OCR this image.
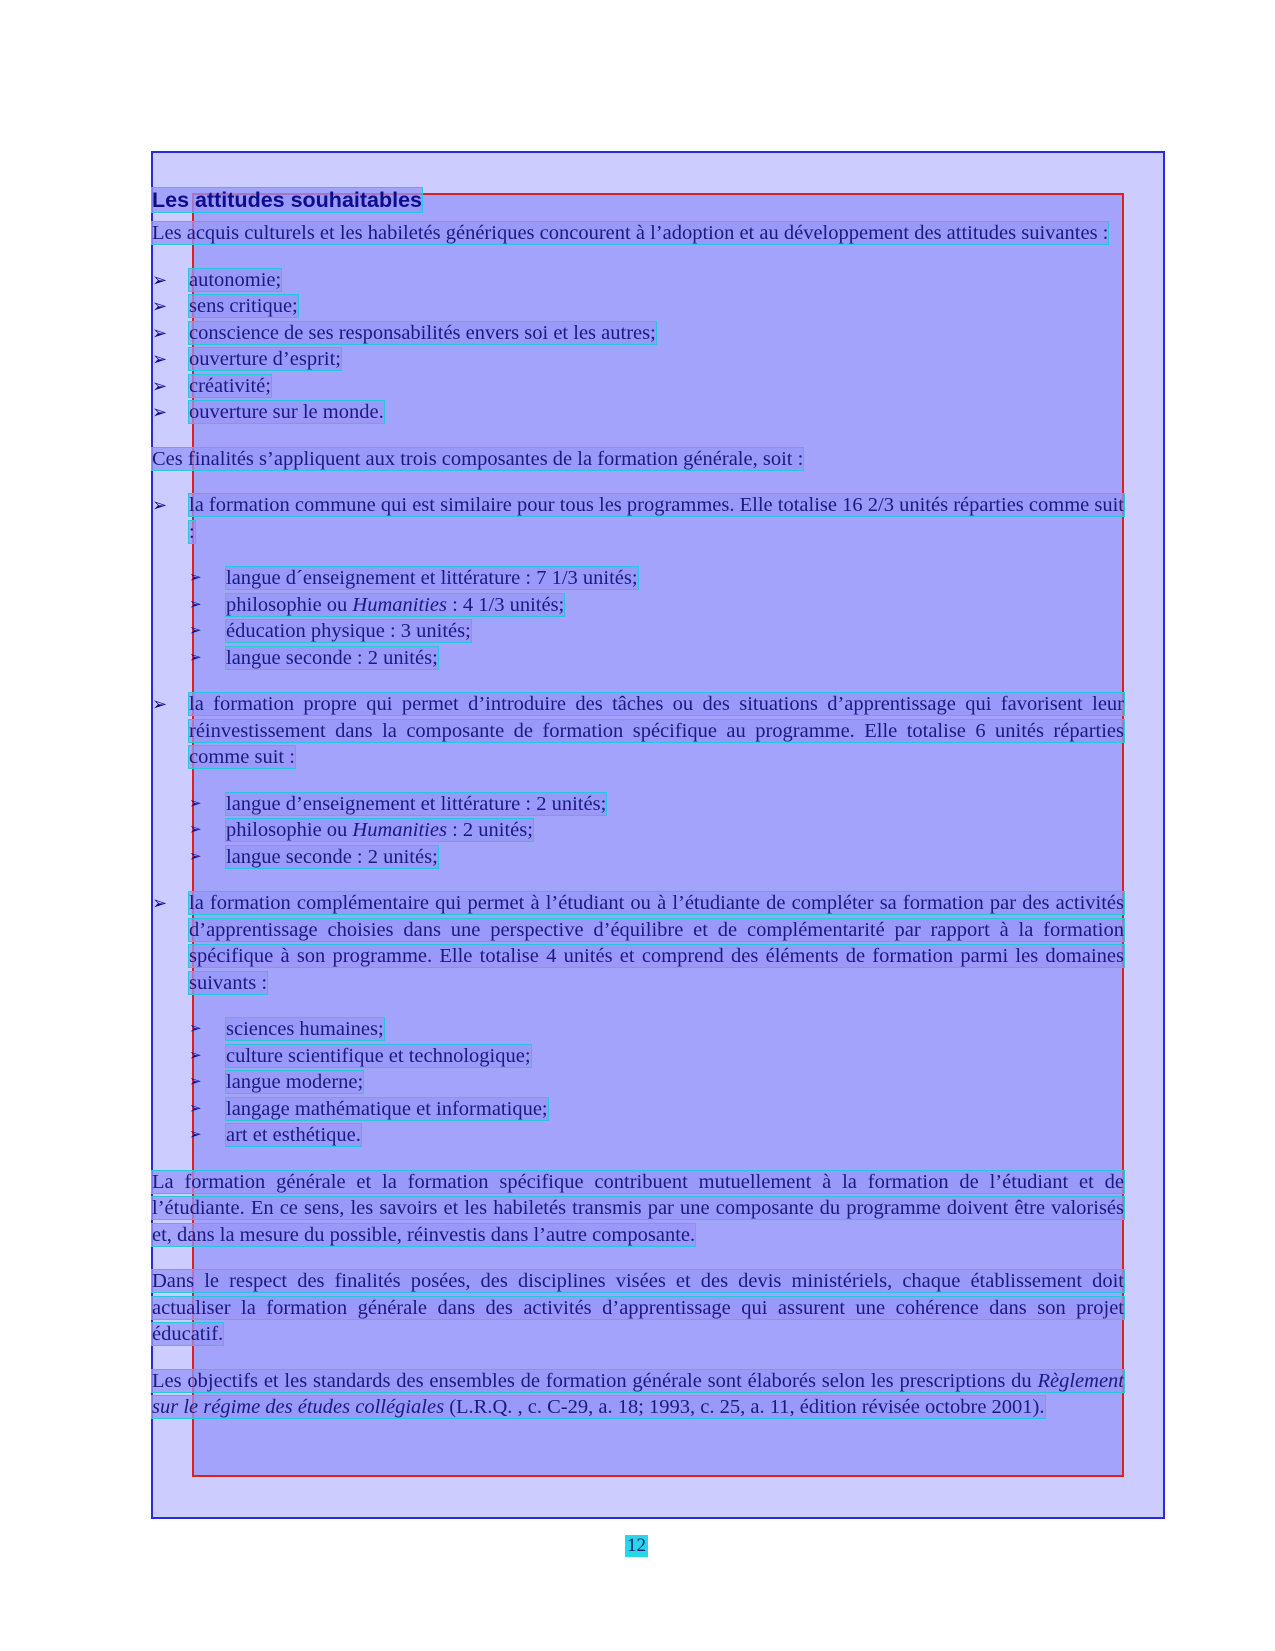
Les attitudes souhaitables

Les acquis culturels et les habiletés génériques concourent à l’adoption et au développement des attitudes suivantes :

➢ autonomie;
➢ sens critique;
➢ conscience de ses responsabilités envers soi et les autres;
➢ ouverture d’esprit;
➢ créativité;
➢ ouverture sur le monde.

Ces finalités s’appliquent aux trois composantes de la formation générale, soit :

➢ la formation commune qui est similaire pour tous les programmes. Elle totalise 16 2/3 unités réparties comme suit :

➢ langue d´enseignement et littérature : 7 1/3 unités;
➢ philosophie ou Humanities : 4 1/3 unités;
➢ éducation physique : 3 unités;
➢ langue seconde : 2 unités;
➢ la formation propre qui permet d’introduire des tâches ou des situations d’apprentissage qui favorisent leur réinvestissement dans la composante de formation spécifique au programme. Elle totalise 6 unités réparties comme suit :

➢ langue d’enseignement et littérature : 2 unités;
➢ philosophie ou Humanities : 2 unités;
➢ langue seconde : 2 unités;
➢ la formation complémentaire qui permet à l’étudiant ou à l’étudiante de compléter sa formation par des activités d’apprentissage choisies dans une perspective d’équilibre et de complémentarité par rapport à la formation spécifique à son programme. Elle totalise 4 unités et comprend des éléments de formation parmi les domaines suivants :

➢ sciences humaines;
➢ culture scientifique et technologique;
➢ langue moderne;
➢ langage mathématique et informatique;
➢ art et esthétique.

La formation générale et la formation spécifique contribuent mutuellement à la formation de l’étudiant et de l’étudiante. En ce sens, les savoirs et les habiletés transmis par une composante du programme doivent être valorisés et, dans la mesure du possible, réinvestis dans l’autre composante.

Dans le respect des finalités posées, des disciplines visées et des devis ministériels, chaque établissement doit actualiser la formation générale dans des activités d’apprentissage qui assurent une cohérence dans son projet éducatif.

Les objectifs et les standards des ensembles de formation générale sont élaborés selon les prescriptions du Règlement sur le régime des études collégiales (L.R.Q. , c. C-29, a. 18; 1993, c. 25, a. 11, édition révisée octobre 2001).

12
